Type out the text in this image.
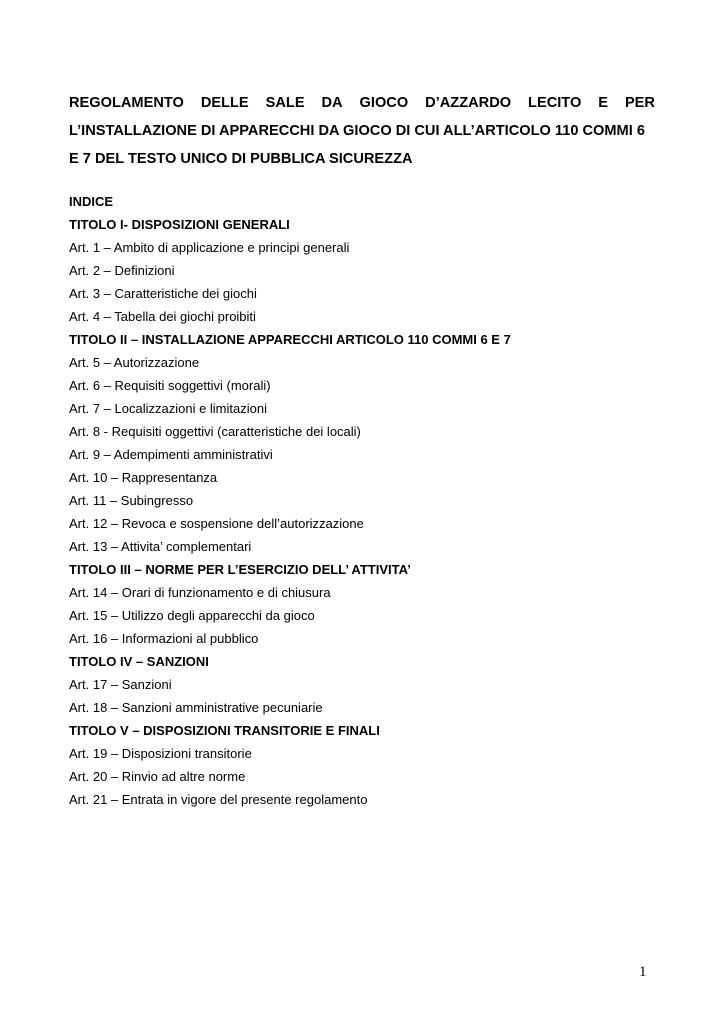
REGOLAMENTO DELLE SALE DA GIOCO D’AZZARDO LECITO E PER
L’INSTALLAZIONE DI APPARECCHI DA GIOCO DI CUI ALL’ARTICOLO 110 COMMI 6
E 7 DEL TESTO UNICO DI PUBBLICA SICUREZZA
INDICE
TITOLO I- DISPOSIZIONI GENERALI
Art. 1 – Ambito di applicazione e principi generali
Art. 2 – Definizioni
Art. 3 – Caratteristiche dei giochi
Art. 4 – Tabella dei giochi proibiti
TITOLO II – INSTALLAZIONE APPARECCHI ARTICOLO 110 COMMI 6 E 7
Art. 5 – Autorizzazione
Art. 6 – Requisiti soggettivi (morali)
Art. 7 – Localizzazioni e limitazioni
Art. 8 - Requisiti oggettivi (caratteristiche dei locali)
Art. 9 – Adempimenti amministrativi
Art. 10 – Rappresentanza
Art. 11 – Subingresso
Art. 12 – Revoca e sospensione dell’autorizzazione
Art. 13 – Attivita’ complementari
TITOLO III – NORME PER L’ESERCIZIO DELL’ ATTIVITA’
Art. 14 – Orari di funzionamento e di chiusura
Art. 15 – Utilizzo degli apparecchi da gioco
Art. 16 – Informazioni al pubblico
TITOLO IV – SANZIONI
Art. 17 – Sanzioni
Art. 18 – Sanzioni amministrative pecuniarie
TITOLO V – DISPOSIZIONI TRANSITORIE E FINALI
Art. 19 – Disposizioni transitorie
Art. 20 – Rinvio ad altre norme
Art. 21 – Entrata in vigore del presente regolamento
1
